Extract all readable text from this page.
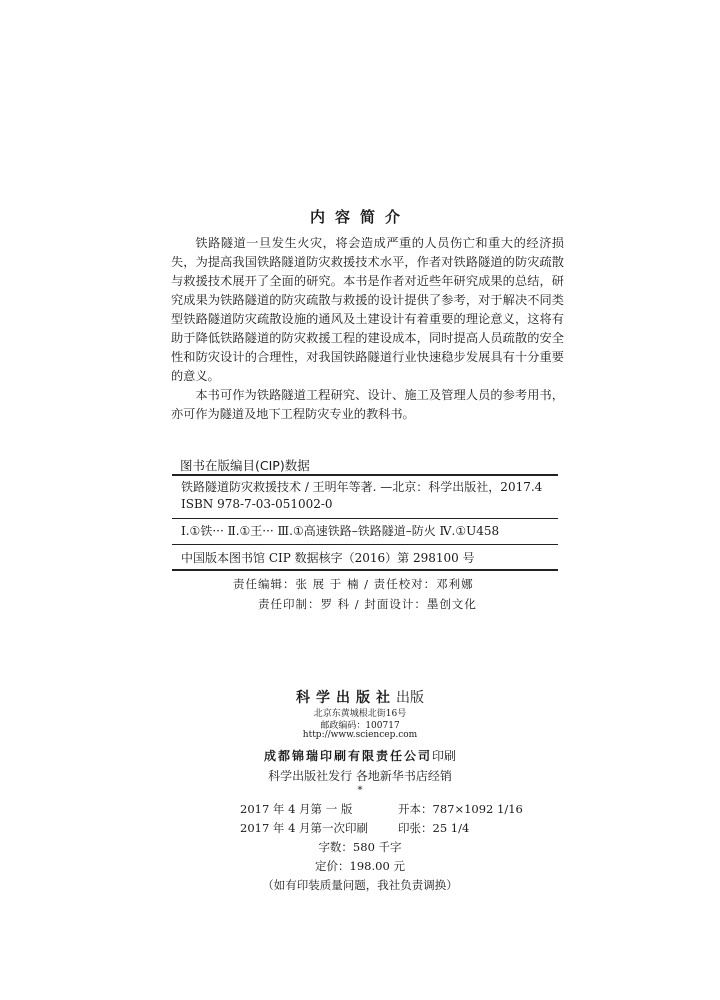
内容简介

铁路隧道一旦发生火灾，将会造成严重的人员伤亡和重大的经济损失，为提高我国铁路隧道防灾救援技术水平，作者对铁路隧道的防灾疏散与救援技术展开了全面的研究。本书是作者对近些年研究成果的总结，研究成果为铁路隧道的防灾疏散与救援的设计提供了参考，对于解决不同类型铁路隧道防灾疏散设施的通风及土建设计有着重要的理论意义，这将有助于降低铁路隧道的防灾救援工程的建设成本，同时提高人员疏散的安全性和防灾设计的合理性，对我国铁路隧道行业快速稳步发展具有十分重要的意义。

本书可作为铁路隧道工程研究、设计、施工及管理人员的参考用书，亦可作为隧道及地下工程防灾专业的教科书。

图书在版编目(CIP)数据
铁路隧道防灾救援技术 / 王明年等著. —北京：科学出版社，2017.4
ISBN 978-7-03-051002-0
Ⅰ.①铁··· Ⅱ.①王··· Ⅲ.①高速铁路–铁路隧道–防火 Ⅳ.①U458
中国版本图书馆 CIP 数据核字（2016）第 298100 号
责任编辑：张 展 于 楠 / 责任校对：邓利娜
责任印制：罗 科 / 封面设计：墨创文化
科学出版社出版
北京东黄城根北街16号
邮政编码：100717
http://www.sciencep.com
成都锦瑞印刷有限责任公司印刷
科学出版社发行 各地新华书店经销
*
2017 年 4 月第 一 版	开本：787×1092 1/16
2017 年 4 月第一次印刷	印张：25 1/4
字数：580 千字
定价：198.00 元
（如有印装质量问题，我社负责调换）
